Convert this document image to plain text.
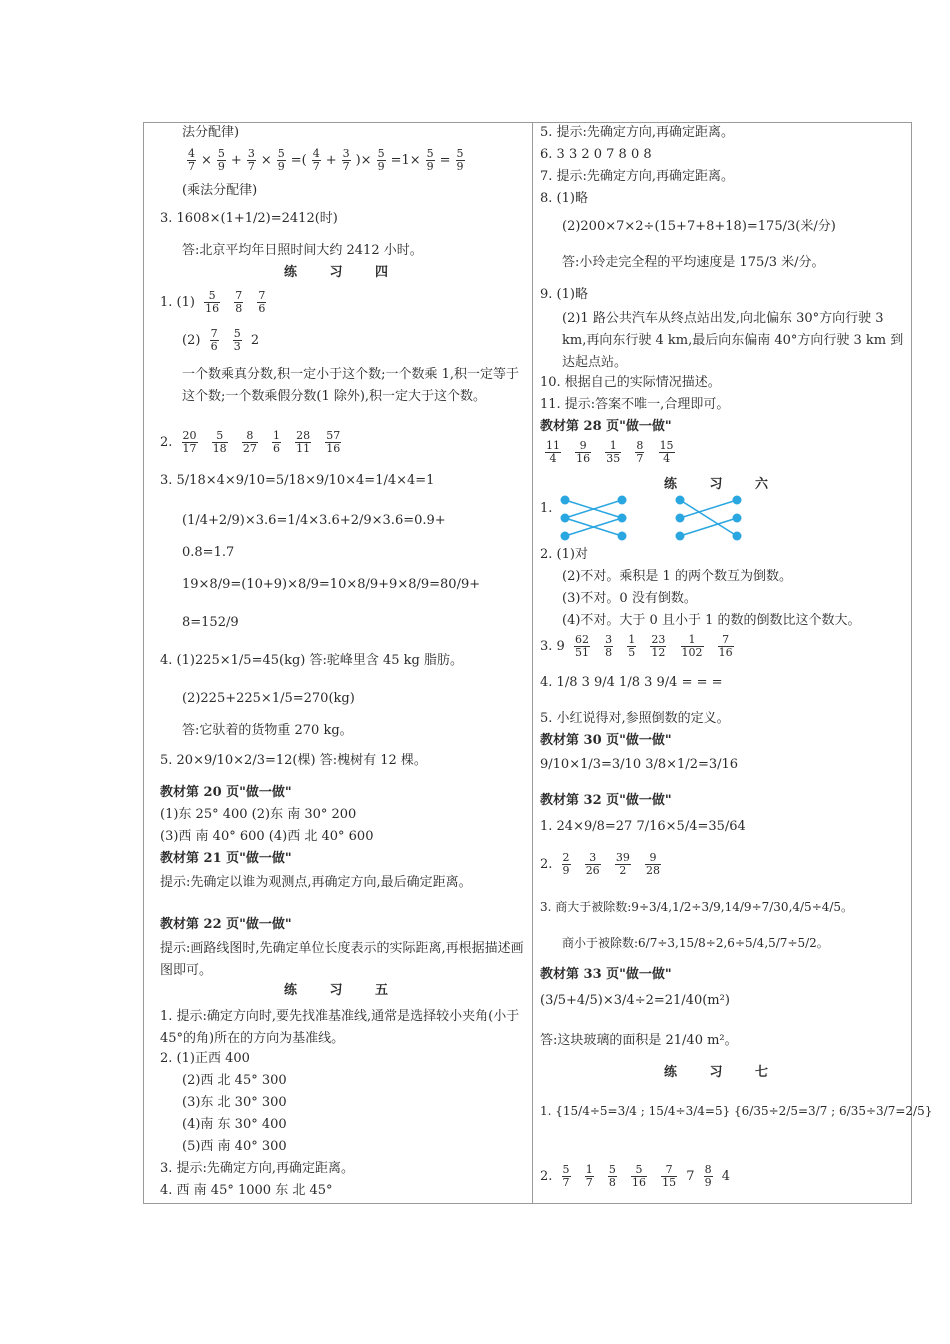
法分配律)
$\frac{4}{7} \times \frac{5}{9} + \frac{3}{7} \times \frac{5}{9}$ =( $\frac{4}{7} + \frac{3}{7}$ )× $\frac{5}{9} =1\times \frac{5}{9} = \frac{5}{9}$
(乘法分配律)
3. 1608×(1+1/2)=2412(时)
答:北京平均年日照时间大约 2412 小时。
练 习 四
1. $(1) \frac{5}{16}$
$\frac{7}{8}$
$\frac{7}{6}$
$(2) \frac{7}{6}$
$\frac{5}{3} 2$
一个数乘真分数,积一定小于这个数;一个数乘 1,积一定等于这个数;一个数乘假分数(1 除外),积一定大于这个数。
2. $\frac{20}{17}$
$\frac{5}{18}$
$\frac{8}{27}$
$\frac{1}{6}$
$\frac{28}{11}$
$\frac{57}{16}$
3. 5/18×4×9/10=5/18×9/10×4=1/4×4=1
(1/4+2/9)×3.6=1/4×3.6+2/9×3.6=0.9+
0.8=1.7
19×8/9=(10+9)×8/9=10×8/9+9×8/9=80/9+
8=152/9
4. (1)225×1/5=45(kg) 答:驼峰里含 45 kg 脂肪。
(2)225+225×1/5=270(kg)
答:它驮着的货物重 270 kg。
5. 20×9/10×2/3=12(棵) 答:槐树有 12 棵。
教材第 20 页"做一做"
(1)东 25° 400 (2)东 南 30° 200
(3)西 南 40° 600 (4)西 北 40° 600
教材第 21 页"做一做"
提示:先确定以谁为观测点,再确定方向,最后确定距离。
教材第 22 页"做一做"
提示:画路线图时,先确定单位长度表示的实际距离,再根据描述画图即可。
练 习 五
1. 提示:确定方向时,要先找准基准线,通常是选择较小夹角(小于 45°的角)所在的方向为基准线。
2. (1)正西 400
(2)西 北 45° 300
(3)东 北 30° 300
(4)南 东 30° 400
(5)西 南 40° 300
3. 提示:先确定方向,再确定距离。
4. 西 南 45° 1000 东 北 45°
5. 提示:先确定方向,再确定距离。
6. 3 3 2 0 7 8 0 8
7. 提示:先确定方向,再确定距离。
8. (1)略
(2)200×7×2÷(15+7+8+18)=175/3(米/分)
答:小玲走完全程的平均速度是 175/3 米/分。
9. (1)略
(2)1 路公共汽车从终点站出发,向北偏东 30°方向行驶 3 km,再向东行驶 4 km,最后向东偏南 40°方向行驶 3 km 到达起点站。
10. 根据自己的实际情况描述。
11. 提示:答案不唯一,合理即可。
教材第 28 页"做一做"
$\frac{11}{4}$
$\frac{9}{16}$
$\frac{1}{35}$
$\frac{8}{7}$
$\frac{15}{4}$
练 习 六
1.
2. (1)对
(2)不对。乘积是 1 的两个数互为倒数。
(3)不对。0 没有倒数。
(4)不对。大于 0 且小于 1 的数的倒数比这个数大。
3. $9 \frac{62}{51}$
$\frac{3}{8}$
$\frac{1}{5}$
$\frac{23}{12}$
$\frac{1}{102}$
$\frac{7}{16}$
4. 1/8 3 9/4 1/8 3 9/4 = = =
5. 小红说得对,参照倒数的定义。
教材第 30 页"做一做"
9/10×1/3=3/10 3/8×1/2=3/16
教材第 32 页"做一做"
1. 24×9/8=27 7/16×5/4=35/64
2. $\frac{2}{9}$
$\frac{3}{26}$
$\frac{39}{2}$
$\frac{9}{28}$
3. 商大于被除数:9÷3/4,1/2÷3/9,14/9÷7/30,4/5÷4/5。
商小于被除数:6/7÷3,15/8÷2,6÷5/4,5/7÷5/2。
教材第 33 页"做一做"
(3/5+4/5)×3/4÷2=21/40(m²)
答:这块玻璃的面积是 21/40 m²。
练 习 七
1. {15/4÷5=3/4 ; 15/4÷3/4=5} {6/35÷2/5=3/7 ; 6/35÷3/7=2/5}
2. $\frac{5}{7}$
$\frac{1}{7}$
$\frac{5}{8}$
$\frac{5}{16}$
$\frac{7}{15} 7 \frac{8}{9} 4$
